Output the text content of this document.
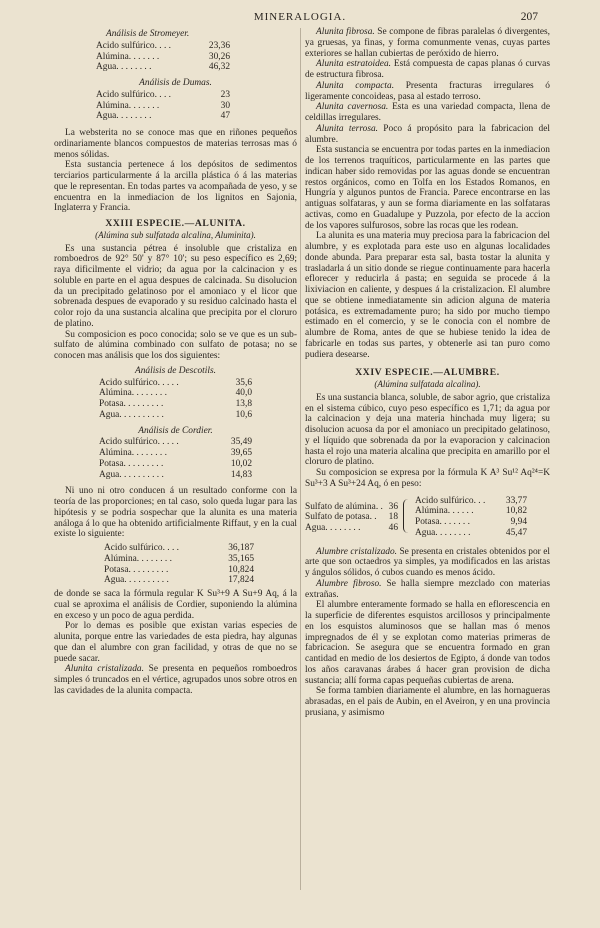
MINERALOGIA.	207
Análisis de Stromeyer.
Acido sulfúrico. . . .	23,36
Alúmina. . . . . . .	30,26
Agua. . . . . . . .	46,32
Análisis de Dumas.
Acido sulfúrico. . . .	23
Alúmina. . . . . . .	30
Agua. . . . . . . .	47

La websterita no se conoce mas que en riñones pequeños ordinariamente blancos compuestos de materias terrosas mas ó menos sólidas.

Esta sustancia pertenece á los depósitos de sedimentos terciarios particularmente á la arcilla plástica ó á las materias que le representan. En todas partes va acompañada de yeso, y se encuentra en la inmediacion de los lignitos en Sajonia, Inglaterra y Francia.

XXIII ESPECIE.—ALUNITA.
(Alúmina sub sulfatada alcalina, Aluminita).

Es una sustancia pétrea é insoluble que cristaliza en romboedros de 92° 50' y 87° 10'; su peso específico es 2,69; raya dificilmente el vidrio; da agua por la calcinacion y es soluble en parte en el agua despues de calcinada. Su disolucion da un precipitado gelatinoso por el amoniaco y el licor que sobrenada despues de evaporado y su residuo calcinado hasta el color rojo da una sustancia alcalina que precipita por el cloruro de platino.

Su composicion es poco conocida; solo se ve que es un sub-sulfato de alúmina combinado con sulfato de potasa; no se conocen mas análisis que los dos siguientes:

Análisis de Descotils.
Acido sulfúrico. . . . .	35,6
Alúmina. . . . . . . .	40,0
Potasa. . . . . . . . .	13,8
Agua. . . . . . . . . .	10,6
Análisis de Cordier.
Acido sulfúrico. . . . .	35,49
Alúmina. . . . . . . .	39,65
Potasa. . . . . . . . .	10,02
Agua. . . . . . . . . .	14,83

Ni uno ni otro conducen á un resultado conforme con la teoría de las proporciones; en tal caso, solo queda lugar para las hipótesis y se podria sospechar que la alunita es una materia análoga á lo que ha obtenido artificialmente Riffaut, y en la cual existe lo siguiente:

Acido sulfúrico. . . .	36,187
Alúmina. . . . . . . .	35,165
Potasa. . . . . . . . .	10,824
Agua. . . . . . . . . .	17,824

de donde se saca la fórmula regular K Su³+9 A Su+9 Aq, á la cual se aproxima el análisis de Cordier, suponiendo la alúmina en exceso y un poco de agua perdida.

Por lo demas es posible que existan varias especies de alunita, porque entre las variedades de esta piedra, hay algunas que dan el alumbre con gran facilidad, y otras de que no se puede sacar.

Alunita cristalizada. Se presenta en pequeños romboedros simples ó truncados en el vértice, agrupados unos sobre otros en las cavidades de la alunita compacta.

Alunita fibrosa. Se compone de fibras paralelas ó divergentes, ya gruesas, ya finas, y forma comunmente venas, cuyas partes exteriores se hallan cubiertas de peróxido de hierro.

Alunita estratoidea. Está compuesta de capas planas ó curvas de estructura fibrosa.

Alunita compacta. Presenta fracturas irregulares ó ligeramente concoideas, pasa al estado terroso.

Alunita cavernosa. Esta es una variedad compacta, llena de celdillas irregulares.

Alunita terrosa. Poco á propósito para la fabricacion del alumbre.

Esta sustancia se encuentra por todas partes en la inmediacion de los terrenos traquíticos, particularmente en las partes que indican haber sido removidas por las aguas donde se encuentran restos orgánicos, como en Tolfa en los Estados Romanos, en Hungría y algunos puntos de Francia. Parece encontrarse en las antiguas solfataras, y aun se forma diariamente en las solfataras activas, como en Guadalupe y Puzzola, por efecto de la accion de los vapores sulfurosos, sobre las rocas que les rodean.

La alunita es una materia muy preciosa para la fabricacion del alumbre, y es explotada para este uso en algunas localidades donde abunda. Para preparar esta sal, basta tostar la alunita y trasladarla á un sitio donde se riegue continuamente para hacerla eflorecer y reducirla á pasta; en seguida se procede á la lixiviacion en caliente, y despues á la cristalizacion. El alumbre que se obtiene inmediatamente sin adicion alguna de materia potásica, es extremadamente puro; ha sido por mucho tiempo estimado en el comercio, y se le conocia con el nombre de alumbre de Roma, antes de que se hubiese tenido la idea de fabricarle en todas sus partes, y obtenerle asi tan puro como pudiera desearse.

XXIV ESPECIE.—ALUMBRE.
(Alúmina sulfatada alcalina).

Es una sustancia blanca, soluble, de sabor agrio, que cristaliza en el sistema cúbico, cuyo peso específico es 1,71; da agua por la calcinacion y deja una materia hinchada muy ligera; su disolucion acuosa da por el amoniaco un precipitado gelatinoso, y el líquido que sobrenada da por la evaporacion y calcinacion hasta el rojo una materia alcalina que precipita en amarillo por el cloruro de platino.

Su composicion se expresa por la fórmula K A³ Su¹² Aq²⁴=K Su³+3 A Su³+24 Aq, ó en peso:

Sulfato de alúmina. . 36
Sulfato de potasa. .	18
Agua. . . . . . . .	46
Acido sulfúrico. . .	33,77
Alúmina. . . . . .	10,82
Potasa. . . . . . .	9,94
Agua. . . . . . . .	45,47

Alumbre cristalizado. Se presenta en cristales obtenidos por el arte que son octaedros ya simples, ya modificados en las aristas y ángulos sólidos, ó cubos cuando es menos ácido.

Alumbre fibroso. Se halla siempre mezclado con materias extrañas.

El alumbre enteramente formado se halla en eflorescencia en la superficie de diferentes esquistos arcillosos y principalmente en los esquistos aluminosos que se hallan mas ó menos impregnados de él y se explotan como materias primeras de fabricacion. Se asegura que se encuentra formado en gran cantidad en medio de los desiertos de Egipto, á donde van todos los años caravanas árabes á hacer gran provision de dicha sustancia; allí forma capas pequeñas cubiertas de arena.

Se forma tambien diariamente el alumbre, en las hornagueras abrasadas, en el pais de Aubin, en el Aveiron, y en una provincia prusiana, y asimismo
